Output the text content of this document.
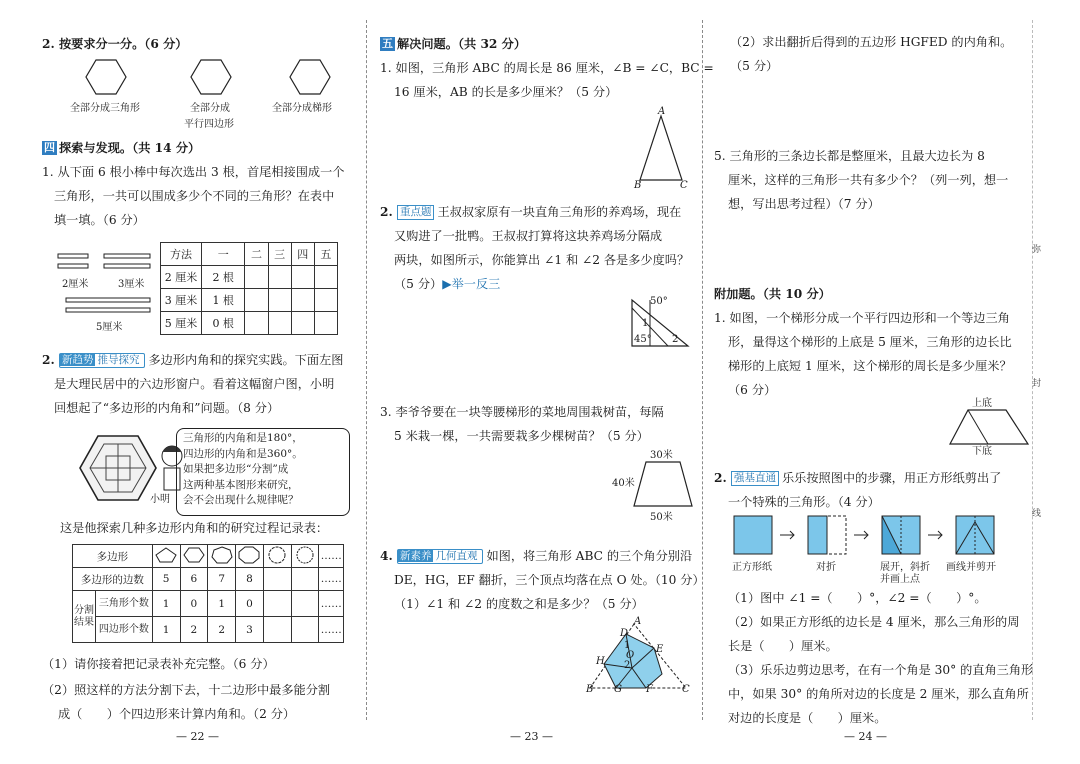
2. 按要求分一分。（6 分）
全部分成三角形	全部分成
平行四边形
全部分成梯形
四 探索与发现。（共 14 分）
1. 从下面 6 根小棒中每次选出 3 根，首尾相接围成一个
三角形，一共可以围成多少个不同的三角形？在表中
填一填。（6 分）
2厘米	3厘米
5厘米
方法	一	二	三	四	五
2 厘米	2 根				
3 厘米	1 根				
5 厘米	0 根				
2. 新趋势 推导探究 多边形内角和的探究实践。下面左图
是大理民居中的六边形窗户。看着这幅窗户图，小明
回想起了“多边形的内角和”问题。（8 分）
小明
三角形的内角和是180°，
四边形的内角和是360°。
如果把多边形“分割”成
这两种基本图形来研究，
会不会出现什么规律呢？
这是他探索几种多边形内角和的研究过程记录表：
多边形								……
多边形的边数		5	6	7	8			……
分割结果	三角形个数	1	0	1	0			……
	四边形个数	1	2	2	3			……
（1）请你接着把记录表补充完整。（6 分）
（2）照这样的方法分割下去，十二边形中最多能分割
成（　　）个四边形来计算内角和。（2 分）
— 22 —
五 解决问题。（共 32 分）
1. 如图，三角形 ABC 的周长是 86 厘米，∠B = ∠C，BC =
16 厘米，AB 的长是多少厘米？（5 分）
A
B	C
2. 重点题 王叔叔家原有一块直角三角形的养鸡场，现在
又购进了一批鸭。王叔叔打算将这块养鸡场分隔成
两块，如图所示，你能算出 ∠1 和 ∠2 各是多少度吗？
（5 分）▶举一反三
50°
1
45° 2
3. 李爷爷要在一块等腰梯形的菜地周围栽树苗，每隔
5 米栽一棵，一共需要栽多少棵树苗？（5 分）
30米
40米
50米
4. 新素养 几何直观 如图，将三角形 ABC 的三个角分别沿
DE，HG，EF 翻折，三个顶点均落在点 O 处。（10 分）
（1）∠1 和 ∠2 的度数之和是多少？（5 分）
A
D
E
H
O
1
2
B G F	C
— 23 —
（2）求出翻折后得到的五边形 HGFED 的内角和。
（5 分）
5. 三角形的三条边长都是整厘米，且最大边长为 8
厘米，这样的三角形一共有多少个？（列一列，想一
想，写出思考过程）（7 分）
附加题。（共 10 分）
1. 如图，一个梯形分成一个平行四边形和一个等边三角
形，量得这个梯形的上底是 5 厘米，三角形的边长比
梯形的上底短 1 厘米，这个梯形的周长是多少厘米？
（6 分）
上底
下底
2. 强基直通 乐乐按照图中的步骤，用正方形纸剪出了
一个特殊的三角形。（4 分）
正方形纸	对折	展开，斜折
并画上点
画线并剪开
（1）图中 ∠1 =（　　）°，∠2 =（　　）°。
（2）如果正方形纸的边长是 4 厘米，那么三角形的周
长是（　　）厘米。
（3）乐乐边剪边思考，在有一个角是 30° 的直角三角形
中，如果 30° 的角所对边的长度是 2 厘米，那么直角所
对边的长度是（　　）厘米。
弥
封
线
— 24 —
